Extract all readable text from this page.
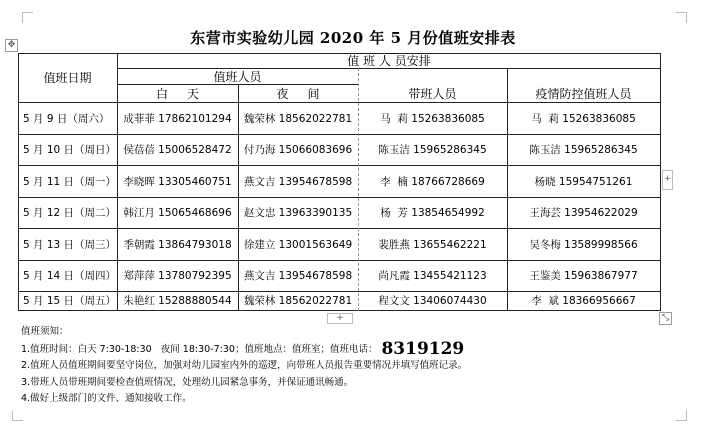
✥
+
+	⤡
东营市实验幼儿园 2020 年 5 月份值班安排表
值班日期
值 班 人 员安排
值班人员
白     天	夜     间	带班人员	疫情防控值班人员
5 月 9 日（周六）	成菲菲 17862101294	魏荣林 18562022781	马  莉 15263836085	马  莉 15263836085
5 月 10 日（周日） 侯蓓蓓 15006528472	付乃海 15066083696	陈玉洁 15965286345	陈玉洁 15965286345
5 月 11 日（周一） 李晓晖 13305460751	燕文吉 13954678598	李  楠 18766728669	杨晓 15954751261
5 月 12 日（周二） 韩江月 15065468696	赵文忠 13963390135	杨  芳 13854654992	王海芸 13954622029
5 月 13 日（周三） 季朝霞 13864793018	徐建立 13001563649	裴胜燕 13655462221	吴冬梅 13589998566
5 月 14 日（周四） 郑萍萍 13780792395	燕文吉 13954678598	尚凡霞 13455421123	王鉴美 15963867977
5 月 15 日（周五） 朱艳红 15288880544	魏荣林 18562022781	程文文 13406074430	李  斌 18366956667

值班须知：

1.值班时间：白天 7:30-18:30   夜间 18:30-7:30；值班地点：值班室；值班电话： 8319129

2.值班人员值班期间要坚守岗位，加强对幼儿园室内外的巡逻，向带班人员报告重要情况并填写值班记录。

3.带班人员带班期间要检查值班情况，处理幼儿园紧急事务，并保证通讯畅通。

4.做好上级部门的文件、通知接收工作。
